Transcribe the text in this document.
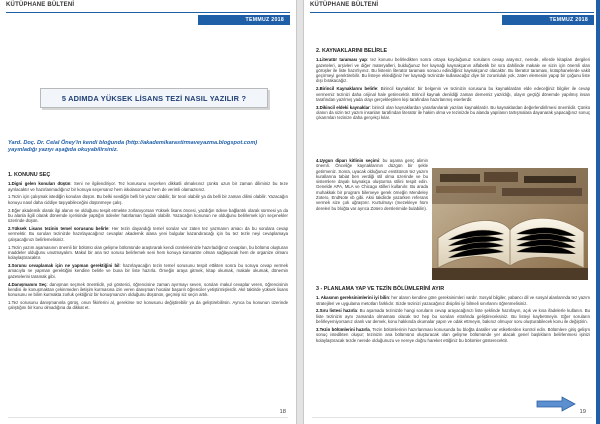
KÜTÜPHANE BÜLTENİ
TEMMUZ 2018
5 ADIMDA YÜKSEK LİSANS TEZİ NASIL YAZILIR ?
Yard. Doç. Dr. Celal Öney'in kendi bloğunda (http://akademikarastirmaveyazma.blogspot.com) yayınladığı yazıyı aşağıda okuyabilirsiniz.
1. KONUNU SEÇ

1.Digni gelen konuları düşün: Seni ne ilgilendiriyor. Tez konusunu seçerken dikkatli olmalısınız çünkü uzun bir zaman diliminiz bu teze ayrılacaktır ve hazırlanmadığınız bir konuya seçersanız hem iskolasonunuz hem de verimli olamazsınız.

1.Tezin için çalışmak istediğin konuları düşün. Bu belki sevdiğin belli bir yazar olabilir, bir teori olabilir ya da belli bir zaman dilimi olabilir. Yazacağın konuyu nasıl daha ciddiye taşıyabileceğini düşünmeye çalış.

2.Eğer akademik olarak ilgi alanın ne olduğunu tespit etmekte zorlanıyorsan Yüksek lisans öncesi, yazdığın ödeve bağlantılı olarak sürmesi ya da bu alanla ilgili olarak dönemde içerisinde yaptığın ödevler hatırlaman faydalı olabilir. Yazacağın konunun ne olduğunu belirlemek için seçenekler üzerinde düşün.

2.Yüksek Lisans tezinin temel sorusunu belirle: Her tezin dayandığı temel sorular var zaten tez yazmanın amacı da bu sorulara cevap vermektir. Bu soruları tezinizde hazırlayacağınız cevaplar akademik alana yeni bulgular kazandıracağı için bu tez tezle neyi cevaplamaya çalışacağınızı belirlemelisiniz.

1.Tezin yazım aşamasının önemli bir bölümü olan gelişme bölümünde araştırarak kendi cümlelerinizle hazırladığınız cevapları, bu bölümü oluşturan maddeler olduğunu unutmayalım. Makul bir ana tez sorusu belirlemek seni hem konuya konsantre olman sağlayacak hem de organize olmanı kolaylaştıracaktır.

3.Sorunu cevaplamak için ne yapman gerektiğini bil: hazırlayacağın tezin temel sorusunu tespit ettikten sonra bu soruya cevap vermek amacıyla ne yapman gerektiğini kendine belirle ve buna bir liste hazırla. Örneğin araya gitmek, kitap okumak, makale okumak, dönemin gazetelerini taramak gibi.

4.Danışmanını Seç: danışman seçmek önemlidir, yol gösterici, öğrencisine zaman ayırmayı seven, soruları makul cevaplar veren, öğrencisinin kendisi ile konuşmaktan çekinmeden iletişim kurmasına izin veren danışman hocalar başarılı öğrenciler yetiştirmişlerdir. Akıl taktirde yüksek lisans konusunu ve bilim kurmakta zorluk çektiğiniz bir konuşmanızın olduğunu düşünün, geçmişi siz seçin artık.

1.Tez sorusunu danışmanınla görüş, onun fikirlerini al, gerekirse tez konusunu değiştirebilir ya da geliştirebilirsin. Ayrıca bu konunun üzerinde çalıştığını bir konu olmadığına da dikkat et.

18
KÜTÜPHANE BÜLTENİ
TEMMUZ 2018
2. KAYNAKLARINI BELİRLE

1.Literatür taraması yap: tez konunu belirledikten sonra ortaya koyduğunuz soruların cevap arayınız, nerede, ellerde kitapları dergileri gazeteleri, arşivleri ve diğer materyalleri, bulduğunuz her kaynağı kaynakçanın alfabetik bir sıra dahilinde makale ve sizin için önemli olan görüşler ile liste hazırlıyınız. Bu listenin literatür taraması sonucu edindiğiniz kaynakçanız olacaktır. Bu literatür taraması, kütüphanelerde vakit geçirmeyi gerektirebilir. Bu listeye eklediğiniz her kaynağı tezinizde kullanacağız diye bir zorunluluk yok, zaten elemesini yapıp bir çoğunu liste dışı bırakacağız.

2.Birincil Kaynaklarını belirle: Birincil kaynaklar: bir belgenin ve tezinizin sorusuna bu kaynaklardan elde edeceğiniz bilgiler ile cevap vermemiz tezinizi daha orijinal hale getirecektir. Birincil kaynak denildiği zaman dememiz yazıldığı, olayın geçtiği dönemde yapılmış insan tarafından yazılmış yada olayı gerçekleştiren kişi tarafından hazırlanmış eserlerdir.

3.Dikincil eldeki kaynaklar: birincil olan kaynaklardan yararlanılarak yazılan kaynaklardır. Bu kaynaklardan değerlendirilmesi önemlidir. Çünkü olanın da sizin tez yazım insanları tarafından literatür ile hakim olma ve tezinizde bu alanda yapılanın tartışmalara dayanarak yapacağınız sonuç çıkarımları tezinize daha gerçekçi kılar.

4.Uygun diparı kitlinin seçimi: bu aşama genç alimin önemli. Önceliğe kaynaklarının düzgün bir şekle getirmeniz. Sonra, uyacak olduğunuz enstitünün tez yazım kurallarına tabiat ben verdiği stil olma üzerinde ve bu sistemlere dayalı kaynakça oluşturma stilini tespit edin. Genelde APA, MLA ve Chicago stilleri kullanılır. Bu arada muhakkak bir program bilemeye gerek örneğin Mendeley Zotero, EndNote vb gibi. Aksi takdirde yazarken referans vermek size çok uğraştırır. Kurtulmayı (mezekleye hüm dereleri bu bloğta var ayrıca Zotero derslerimide bulabilin).

3 - PLANLAMA YAP VE TEZİN BÖLÜMLERİNİ AYIR

1. Akasının gereksinimlerini iyi bilin: her alanın kendine göre gereksinimleri vardır. Sosyal bilgiler, yabancı dil ve sosyal alanlarında tez yazım stratejileri ve uygulama metotları farklıdır. Sizde tezinizi yazacağınız disiplini iyi bilmeli sınırlarını öğrenmelisiniz.

2.Sıru listesi hazırla: Bu aşamada tezinizde hangi soruların cevap arayacağınızı liste şeklinde hazırlayın, açık ve kısa ifadelerle kullanın. Bu liste tezinizin aynı zamanda olmaması olacak tez hep bu soruları etrafında geliştireceksiniz. Bu listeyi kaybetmeyin. Eğer soruların belirleyemiyorsanız olanlı var demek, konu hakkında okumalar yapın ve odak ettmeyin, bakınız olmuyor soru oluşturabilecek konu ile değiştirin.

3.Tezin bölümlerini hazırla, Tezin bölümlerinin hazırlanması konusunda bu bloğta daraller var etiketlerden kontrol edin. Bölümlere giriş gelişm sonuç istedikten oluşur; tezinizin ana bölümünü oluşturacak olan gelişme bölümünde yer alacak genel başlıkların belirlenmesi işinizi kolaylaştıracak tezde nerede olduğunuzu ve nereye doğru hareket ettiğiniz bu bölümler gösterecektir.

19
